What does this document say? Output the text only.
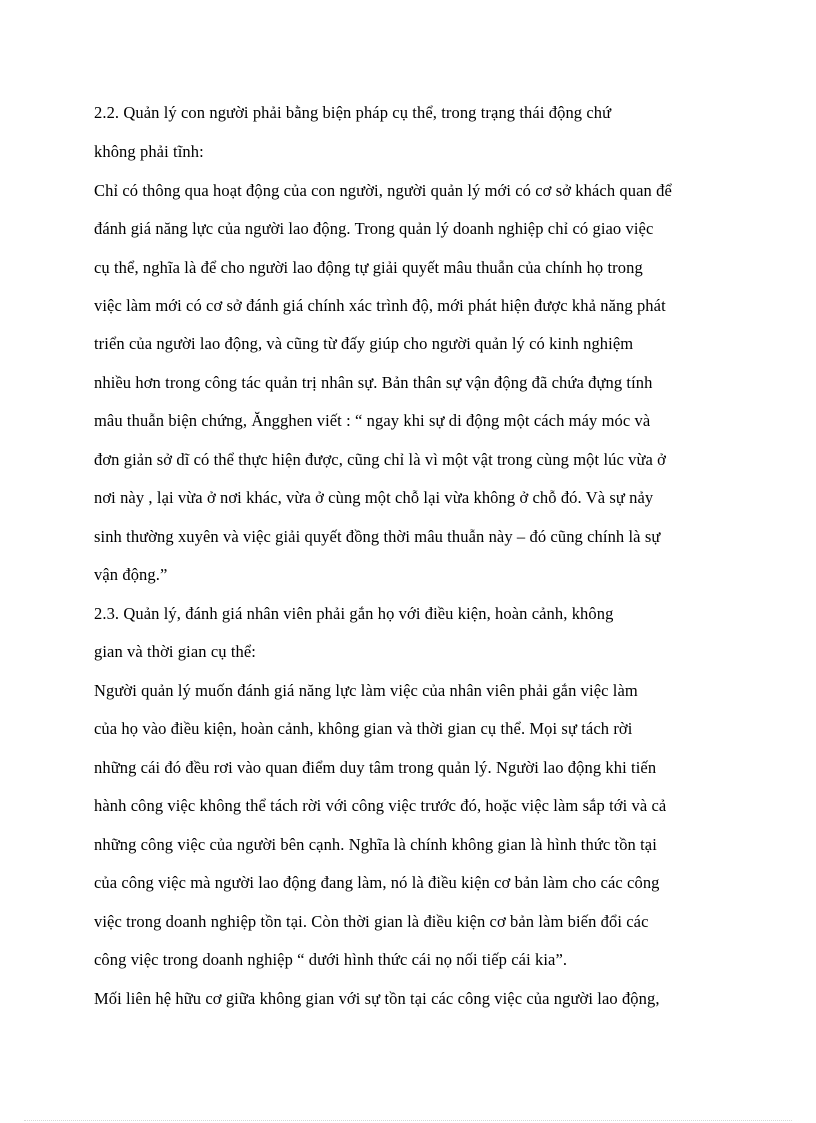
2.2. Quản lý con người phải bằng biện pháp cụ thể, trong trạng thái động chứ
không phải tĩnh:
Chỉ có thông qua hoạt động của con người, người quản lý mới có cơ sở khách quan để
đánh giá năng lực của người lao động. Trong quản lý doanh nghiệp chỉ có giao việc
cụ thể, nghĩa là để cho người lao động tự giải quyết mâu thuẫn của chính họ trong
việc làm mới có cơ sở đánh giá chính xác trình độ, mới phát hiện được khả năng phát
triển của người lao động, và cũng từ đấy giúp cho người quản lý có kinh nghiệm
nhiều hơn trong công tác quản trị nhân sự. Bản thân sự vận động đã chứa đựng tính
mâu thuẫn biện chứng, Ăngghen viết : “ ngay khi sự di động một cách máy móc và
đơn giản sở dĩ có thể thực hiện được, cũng chỉ là vì một vật trong cùng một lúc vừa ở
nơi này , lại vừa ở nơi khác, vừa ở cùng một chỗ lại vừa không ở chỗ đó. Và sự nảy
sinh thường xuyên và việc giải quyết đồng thời mâu thuẫn này – đó cũng chính là sự
vận động.”
2.3. Quản lý, đánh giá nhân viên phải gắn họ với điều kiện, hoàn cảnh, không
gian và thời gian cụ thể:
Người quản lý muốn đánh giá năng lực làm việc của nhân viên phải gắn việc làm
của họ vào điều kiện, hoàn cảnh, không gian và thời gian cụ thể. Mọi sự tách rời
những cái đó đều rơi vào quan điểm duy tâm trong quản lý. Người lao động khi tiến
hành công việc không thể tách rời với công việc trước đó, hoặc việc làm sắp tới và cả
những công việc của người bên cạnh. Nghĩa là chính không gian là hình thức tồn tại
của công việc mà người lao động đang làm, nó là điều kiện cơ bản làm cho các công
việc trong doanh nghiệp tồn tại. Còn thời gian là điều kiện cơ bản làm biến đổi các
công việc trong doanh nghiệp “ dưới hình thức cái nọ nối tiếp cái kia”.
Mối liên hệ hữu cơ giữa không gian với sự tồn tại các công việc của người lao động,
